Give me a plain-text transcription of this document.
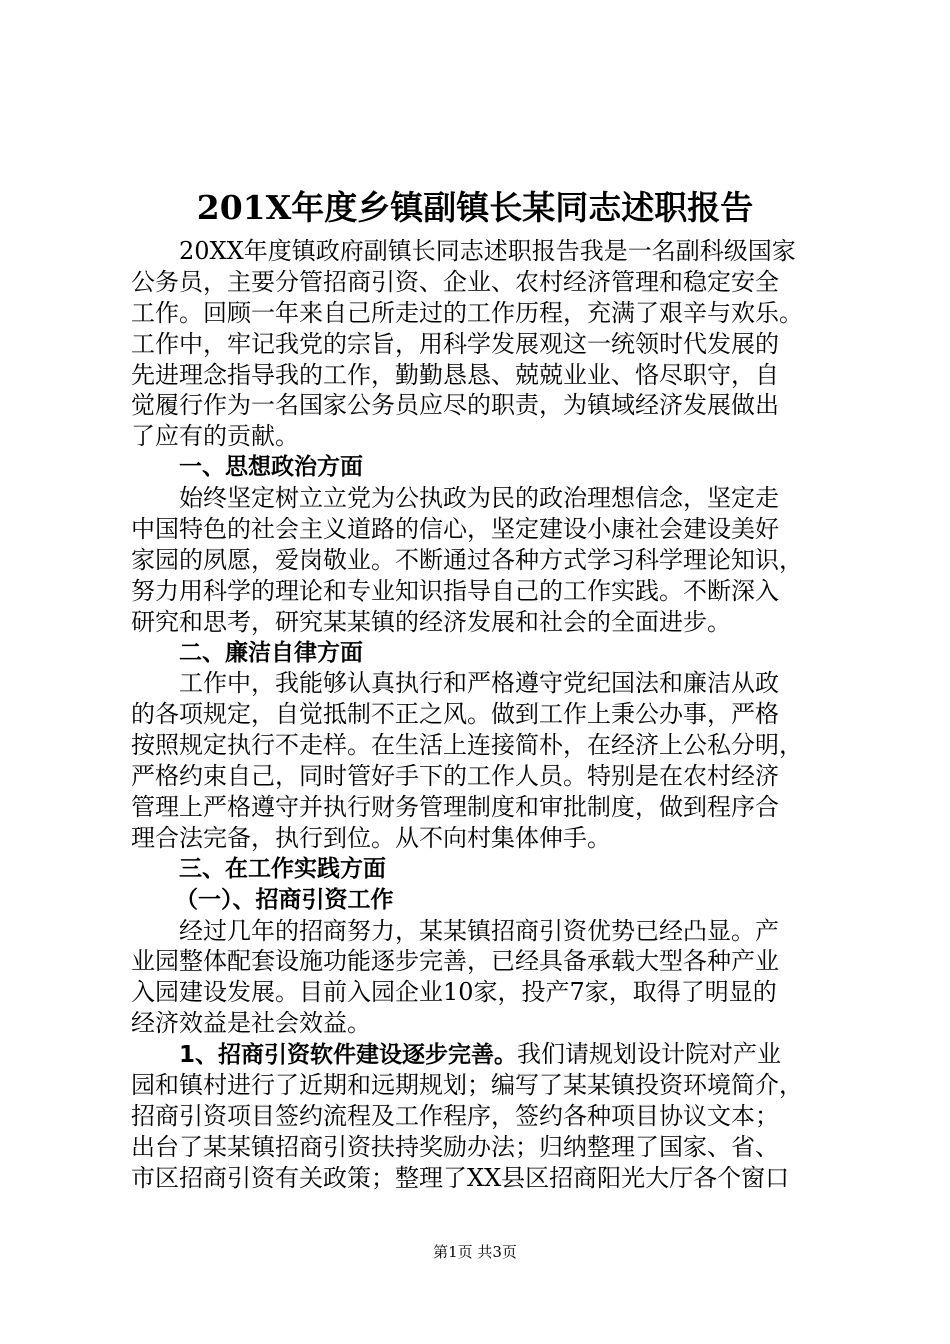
201X年度乡镇副镇长某同志述职报告
20XX年度镇政府副镇长同志述职报告我是一名副科级国家
公务员，主要分管招商引资、企业、农村经济管理和稳定安全
工作。回顾一年来自己所走过的工作历程，充满了艰辛与欢乐。
工作中，牢记我党的宗旨，用科学发展观这一统领时代发展的
先进理念指导我的工作，勤勤恳恳、兢兢业业、恪尽职守，自
觉履行作为一名国家公务员应尽的职责，为镇域经济发展做出
了应有的贡献。
一、思想政治方面
始终坚定树立立党为公执政为民的政治理想信念，坚定走
中国特色的社会主义道路的信心，坚定建设小康社会建设美好
家园的夙愿，爱岗敬业。不断通过各种方式学习科学理论知识，
努力用科学的理论和专业知识指导自己的工作实践。不断深入
研究和思考，研究某某镇的经济发展和社会的全面进步。
二、廉洁自律方面
工作中，我能够认真执行和严格遵守党纪国法和廉洁从政
的各项规定，自觉抵制不正之风。做到工作上秉公办事，严格
按照规定执行不走样。在生活上连接简朴，在经济上公私分明，
严格约束自己，同时管好手下的工作人员。特别是在农村经济
管理上严格遵守并执行财务管理制度和审批制度，做到程序合
理合法完备，执行到位。从不向村集体伸手。
三、在工作实践方面
（一）、招商引资工作
经过几年的招商努力，某某镇招商引资优势已经凸显。产
业园整体配套设施功能逐步完善，已经具备承载大型各种产业
入园建设发展。目前入园企业10家，投产7家，取得了明显的
经济效益是社会效益。
1、招商引资软件建设逐步完善。我们请规划设计院对产业
园和镇村进行了近期和远期规划；编写了某某镇投资环境简介，
招商引资项目签约流程及工作程序，签约各种项目协议文本；
出台了某某镇招商引资扶持奖励办法；归纳整理了国家、省、
市区招商引资有关政策；整理了XX县区招商阳光大厅各个窗口
第1页 共3页
